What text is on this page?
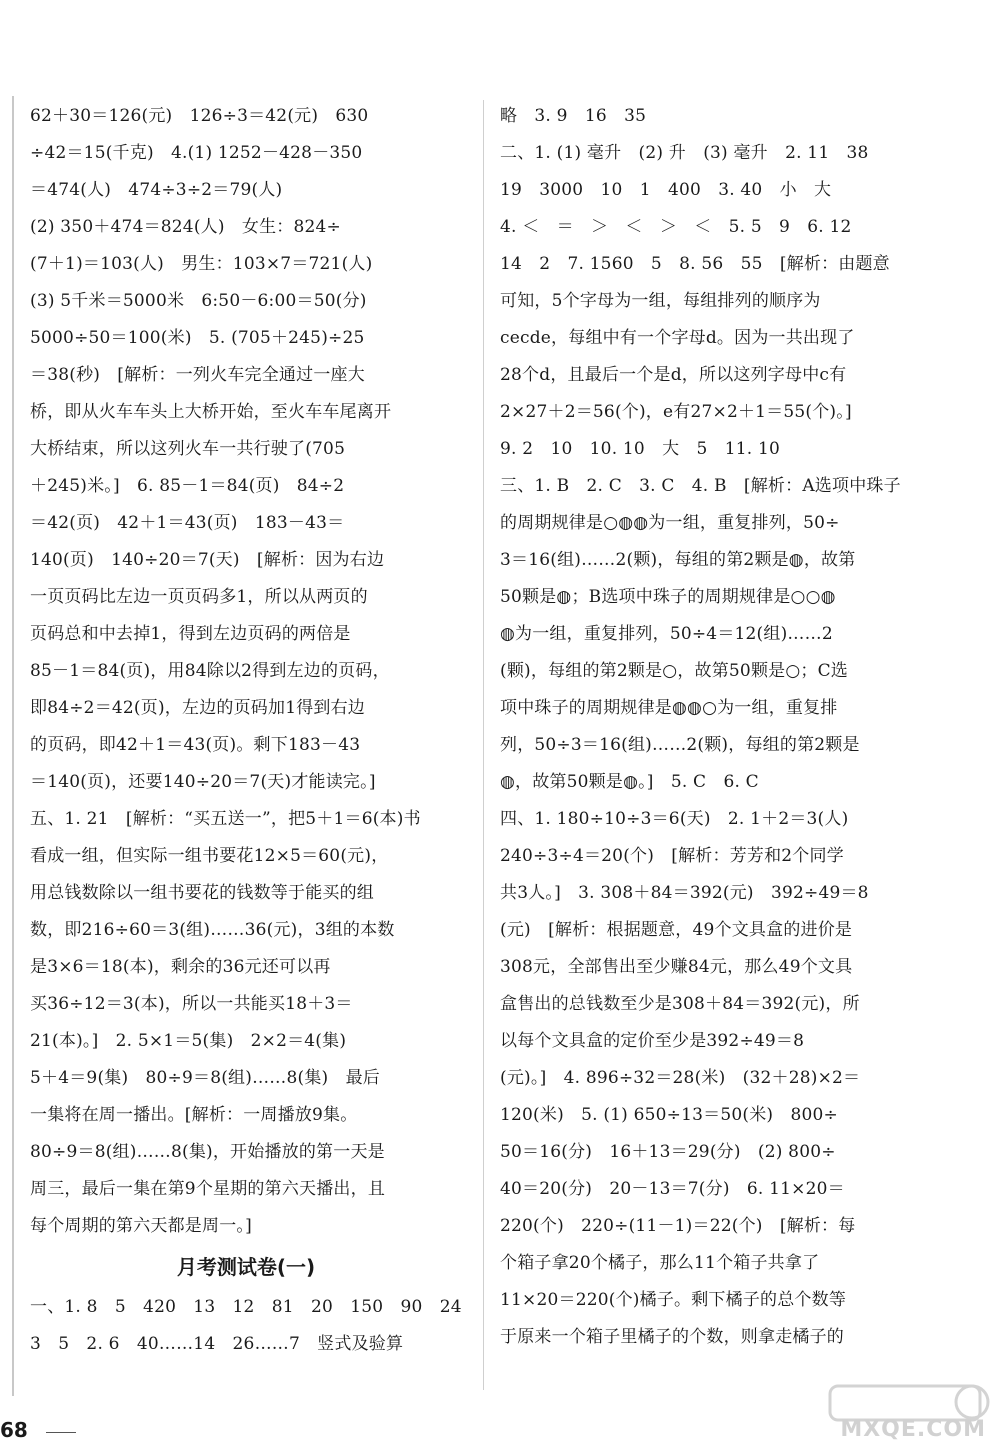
62＋30＝126(元)　126÷3＝42(元)　630
÷42＝15(千克)　4.(1) 1252－428－350
＝474(人)　474÷3÷2＝79(人)
(2) 350＋474＝824(人)　女生：824÷
(7＋1)＝103(人)　男生：103×7＝721(人)
(3) 5千米＝5000米　6:50－6:00＝50(分)
5000÷50＝100(米)　5. (705＋245)÷25
＝38(秒)　[解析：一列火车完全通过一座大
桥，即从火车车头上大桥开始，至火车车尾离开
大桥结束，所以这列火车一共行驶了(705
＋245)米。]　6. 85－1＝84(页)　84÷2
＝42(页)　42＋1＝43(页)　183－43＝
140(页)　140÷20＝7(天)　[解析：因为右边
一页页码比左边一页页码多1，所以从两页的
页码总和中去掉1，得到左边页码的两倍是
85－1＝84(页)，用84除以2得到左边的页码，
即84÷2＝42(页)，左边的页码加1得到右边
的页码，即42＋1＝43(页)。剩下183－43
＝140(页)，还要140÷20＝7(天)才能读完。]
五、1. 21　[解析：“买五送一”，把5＋1＝6(本)书
看成一组，但实际一组书要花12×5＝60(元)，
用总钱数除以一组书要花的钱数等于能买的组
数，即216÷60＝3(组)……36(元)，3组的本数
是3×6＝18(本)，剩余的36元还可以再
买36÷12＝3(本)，所以一共能买18＋3＝
21(本)。]　2. 5×1＝5(集)　2×2＝4(集)
5＋4＝9(集)　80÷9＝8(组)……8(集)　最后
一集将在周一播出。[解析：一周播放9集。
80÷9＝8(组)……8(集)，开始播放的第一天是
周三，最后一集在第9个星期的第六天播出，且
每个周期的第六天都是周一。]
月考测试卷(一)
一、1. 8　5　420　13　12　81　20　150　90　24
3　5　2. 6　40……14　26……7　竖式及验算
略　3. 9　16　35
二、1. (1) 毫升　(2) 升　(3) 毫升　2. 11　38
19　3000　10　1　400　3. 40　小　大
4. ＜　＝　＞　＜　＞　＜　5. 5　9　6. 12
14　2　7. 1560　5　8. 56　55　[解析：由题意
可知，5个字母为一组，每组排列的顺序为
cecde，每组中有一个字母d。因为一共出现了
28个d，且最后一个是d，所以这列字母中c有
2×27＋2＝56(个)，e有27×2＋1＝55(个)。]
9. 2　10　10. 10　大　5　11. 10
三、1. B　2. C　3. C　4. B　[解析：A选项中珠子
的周期规律是○◍◍为一组，重复排列，50÷
3＝16(组)……2(颗)，每组的第2颗是◍，故第
50颗是◍；B选项中珠子的周期规律是○○◍
◍为一组，重复排列，50÷4＝12(组)……2
(颗)，每组的第2颗是○，故第50颗是○；C选
项中珠子的周期规律是◍◍○为一组，重复排
列，50÷3＝16(组)……2(颗)，每组的第2颗是
◍，故第50颗是◍。]　5. C　6. C
四、1. 180÷10÷3＝6(天)　2. 1＋2＝3(人)
240÷3÷4＝20(个)　[解析：芳芳和2个同学
共3人。]　3. 308＋84＝392(元)　392÷49＝8
(元)　[解析：根据题意，49个文具盒的进价是
308元，全部售出至少赚84元，那么49个文具
盒售出的总钱数至少是308＋84＝392(元)，所
以每个文具盒的定价至少是392÷49＝8
(元)。]　4. 896÷32＝28(米)　(32＋28)×2＝
120(米)　5. (1) 650÷13＝50(米)　800÷
50＝16(分)　16＋13＝29(分)　(2) 800÷
40＝20(分)　20－13＝7(分)　6. 11×20＝
220(个)　220÷(11－1)＝22(个)　[解析：每
个箱子拿20个橘子，那么11个箱子共拿了
11×20＝220(个)橘子。剩下橘子的总个数等
于原来一个箱子里橘子的个数，则拿走橘子的
68	MXQE.COM
